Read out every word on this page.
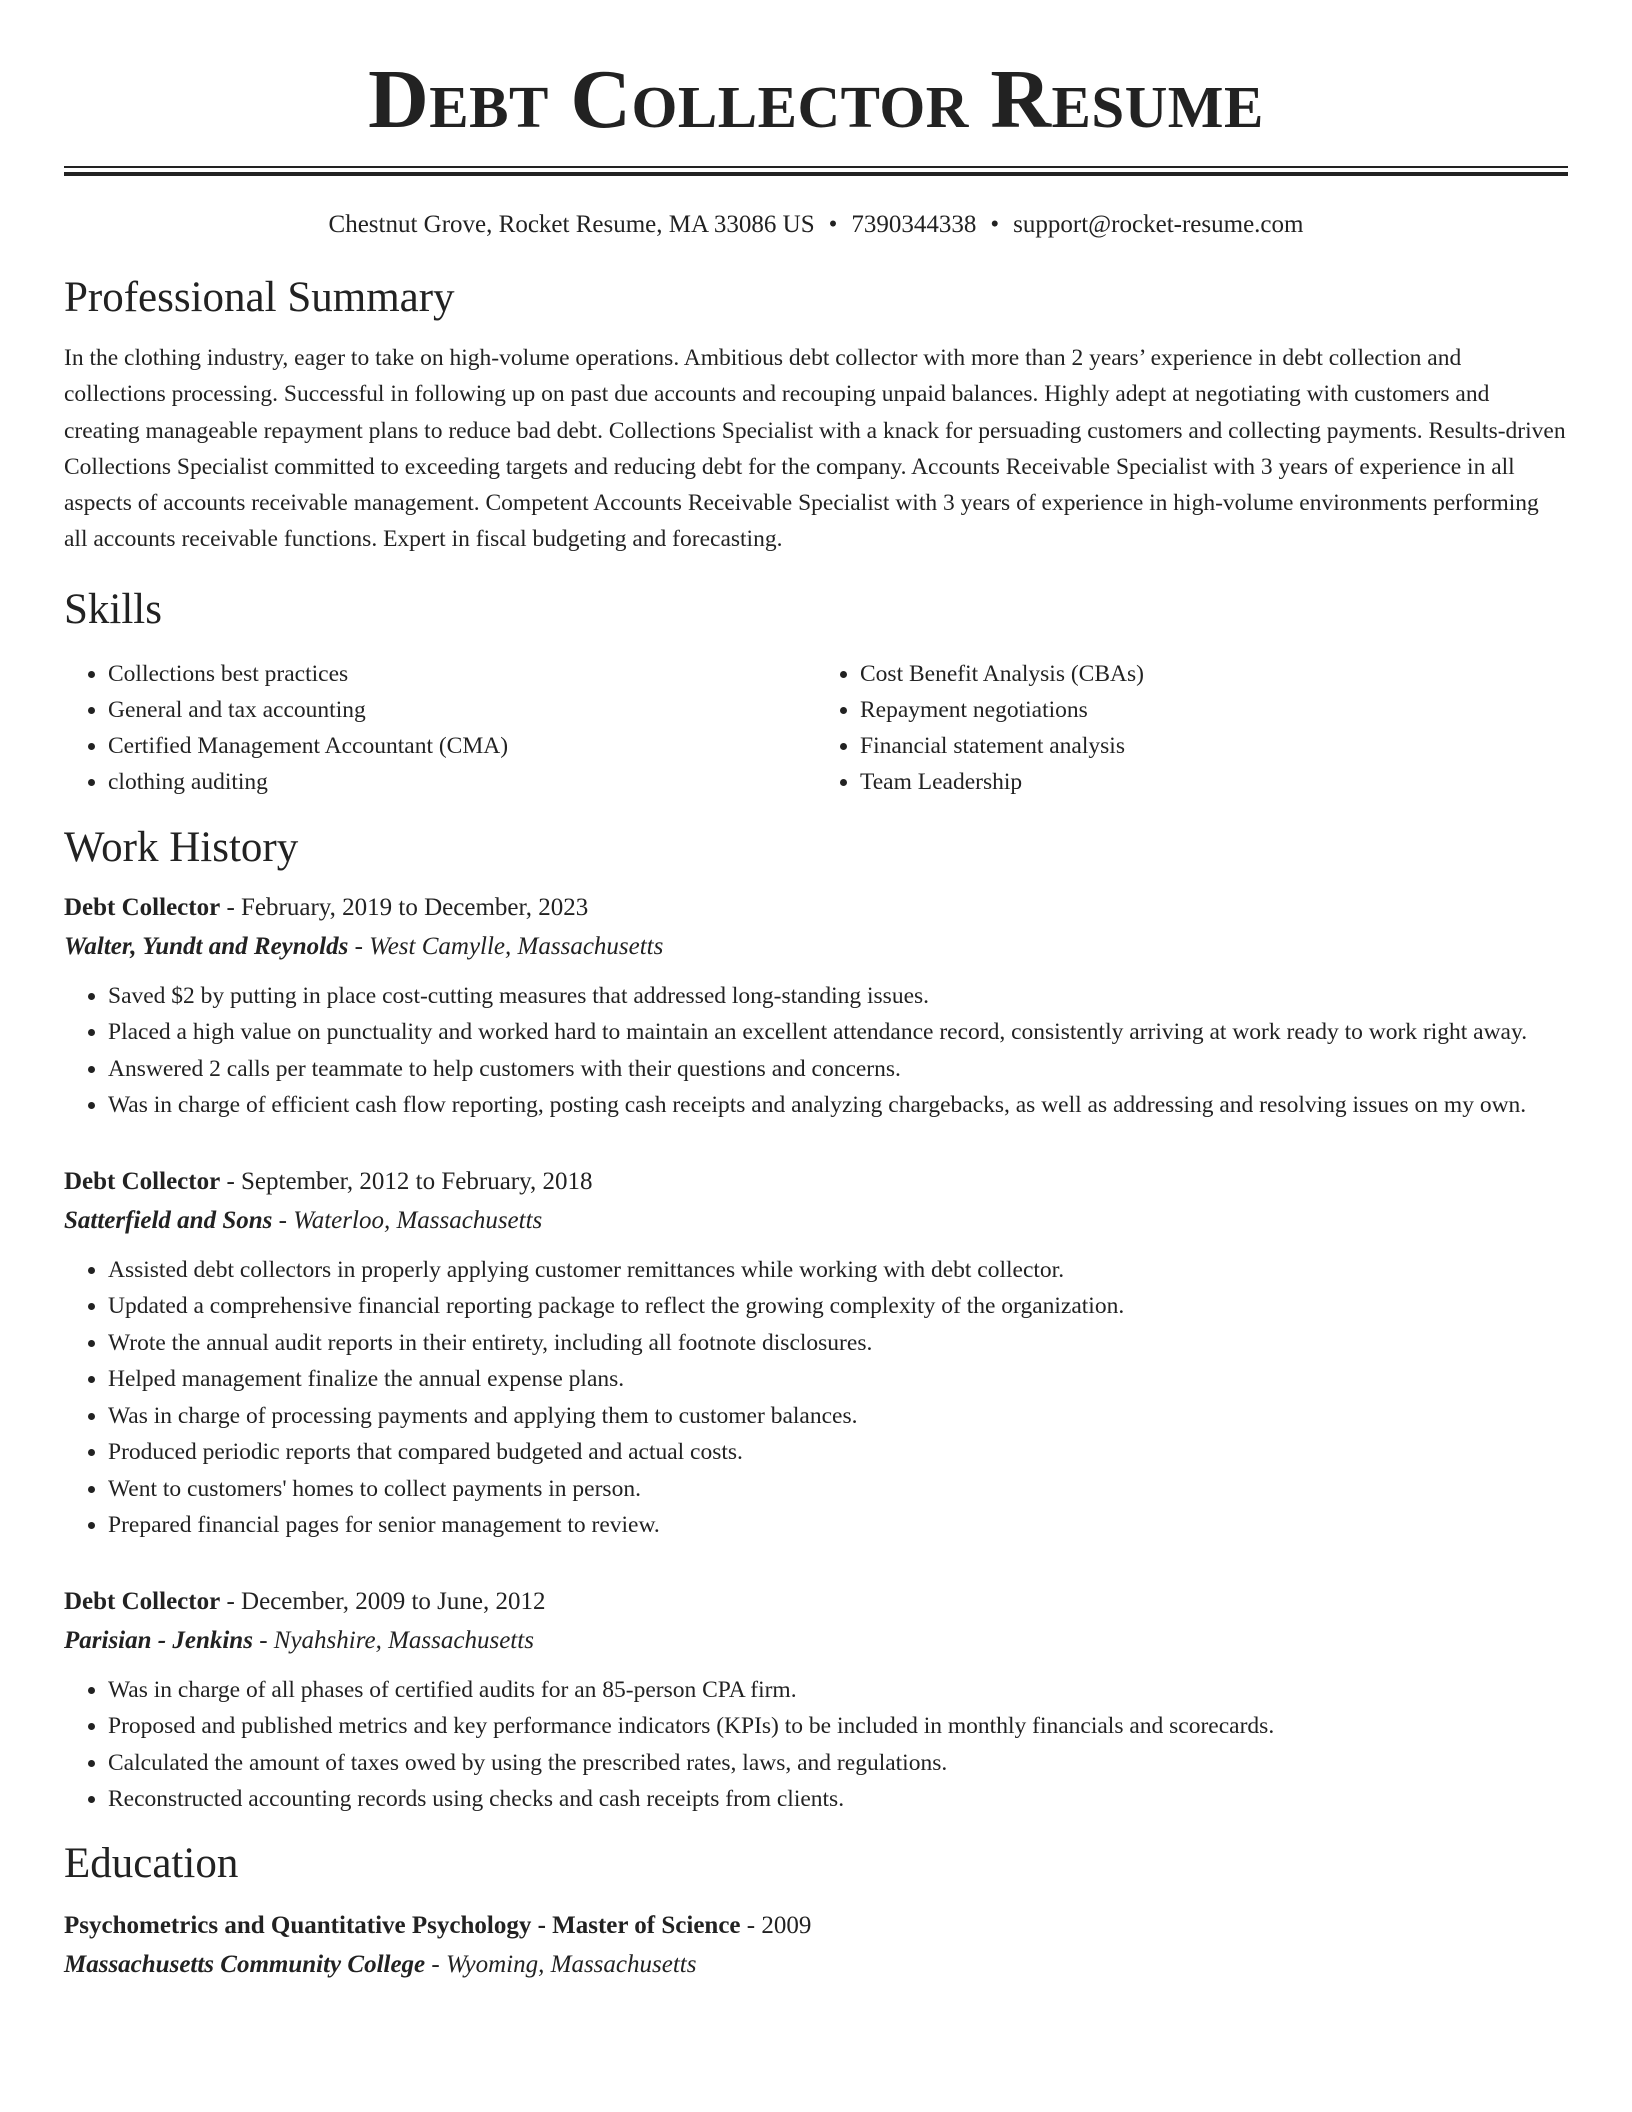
Debt Collector Resume
Chestnut Grove, Rocket Resume, MA 33086 US • 7390344338 • support@rocket-resume.com
Professional Summary

In the clothing industry, eager to take on high-volume operations. Ambitious debt collector with more than 2 years’ experience in debt collection and collections processing. Successful in following up on past due accounts and recouping unpaid balances. Highly adept at negotiating with customers and creating manageable repayment plans to reduce bad debt. Collections Specialist with a knack for persuading customers and collecting payments. Results-driven Collections Specialist committed to exceeding targets and reducing debt for the company. Accounts Receivable Specialist with 3 years of experience in all aspects of accounts receivable management. Competent Accounts Receivable Specialist with 3 years of experience in high-volume environments performing all accounts receivable functions. Expert in fiscal budgeting and forecasting.

Skills
• Collections best practices
• General and tax accounting
• Certified Management Accountant (CMA)
• clothing auditing
• Cost Benefit Analysis (CBAs)
• Repayment negotiations
• Financial statement analysis
• Team Leadership
Work History

Debt Collector - February, 2019 to December, 2023

Walter, Yundt and Reynolds - West Camylle, Massachusetts

• Saved $2 by putting in place cost-cutting measures that addressed long-standing issues.
• Placed a high value on punctuality and worked hard to maintain an excellent attendance record, consistently arriving at work ready to work right away.
• Answered 2 calls per teammate to help customers with their questions and concerns.
• Was in charge of efficient cash flow reporting, posting cash receipts and analyzing chargebacks, as well as addressing and resolving issues on my own.

Debt Collector - September, 2012 to February, 2018

Satterfield and Sons - Waterloo, Massachusetts

• Assisted debt collectors in properly applying customer remittances while working with debt collector.
• Updated a comprehensive financial reporting package to reflect the growing complexity of the organization.
• Wrote the annual audit reports in their entirety, including all footnote disclosures.
• Helped management finalize the annual expense plans.
• Was in charge of processing payments and applying them to customer balances.
• Produced periodic reports that compared budgeted and actual costs.
• Went to customers' homes to collect payments in person.
• Prepared financial pages for senior management to review.

Debt Collector - December, 2009 to June, 2012

Parisian - Jenkins - Nyahshire, Massachusetts

• Was in charge of all phases of certified audits for an 85-person CPA firm.
• Proposed and published metrics and key performance indicators (KPIs) to be included in monthly financials and scorecards.
• Calculated the amount of taxes owed by using the prescribed rates, laws, and regulations.
• Reconstructed accounting records using checks and cash receipts from clients.
Education

Psychometrics and Quantitative Psychology - Master of Science - 2009

Massachusetts Community College - Wyoming, Massachusetts
